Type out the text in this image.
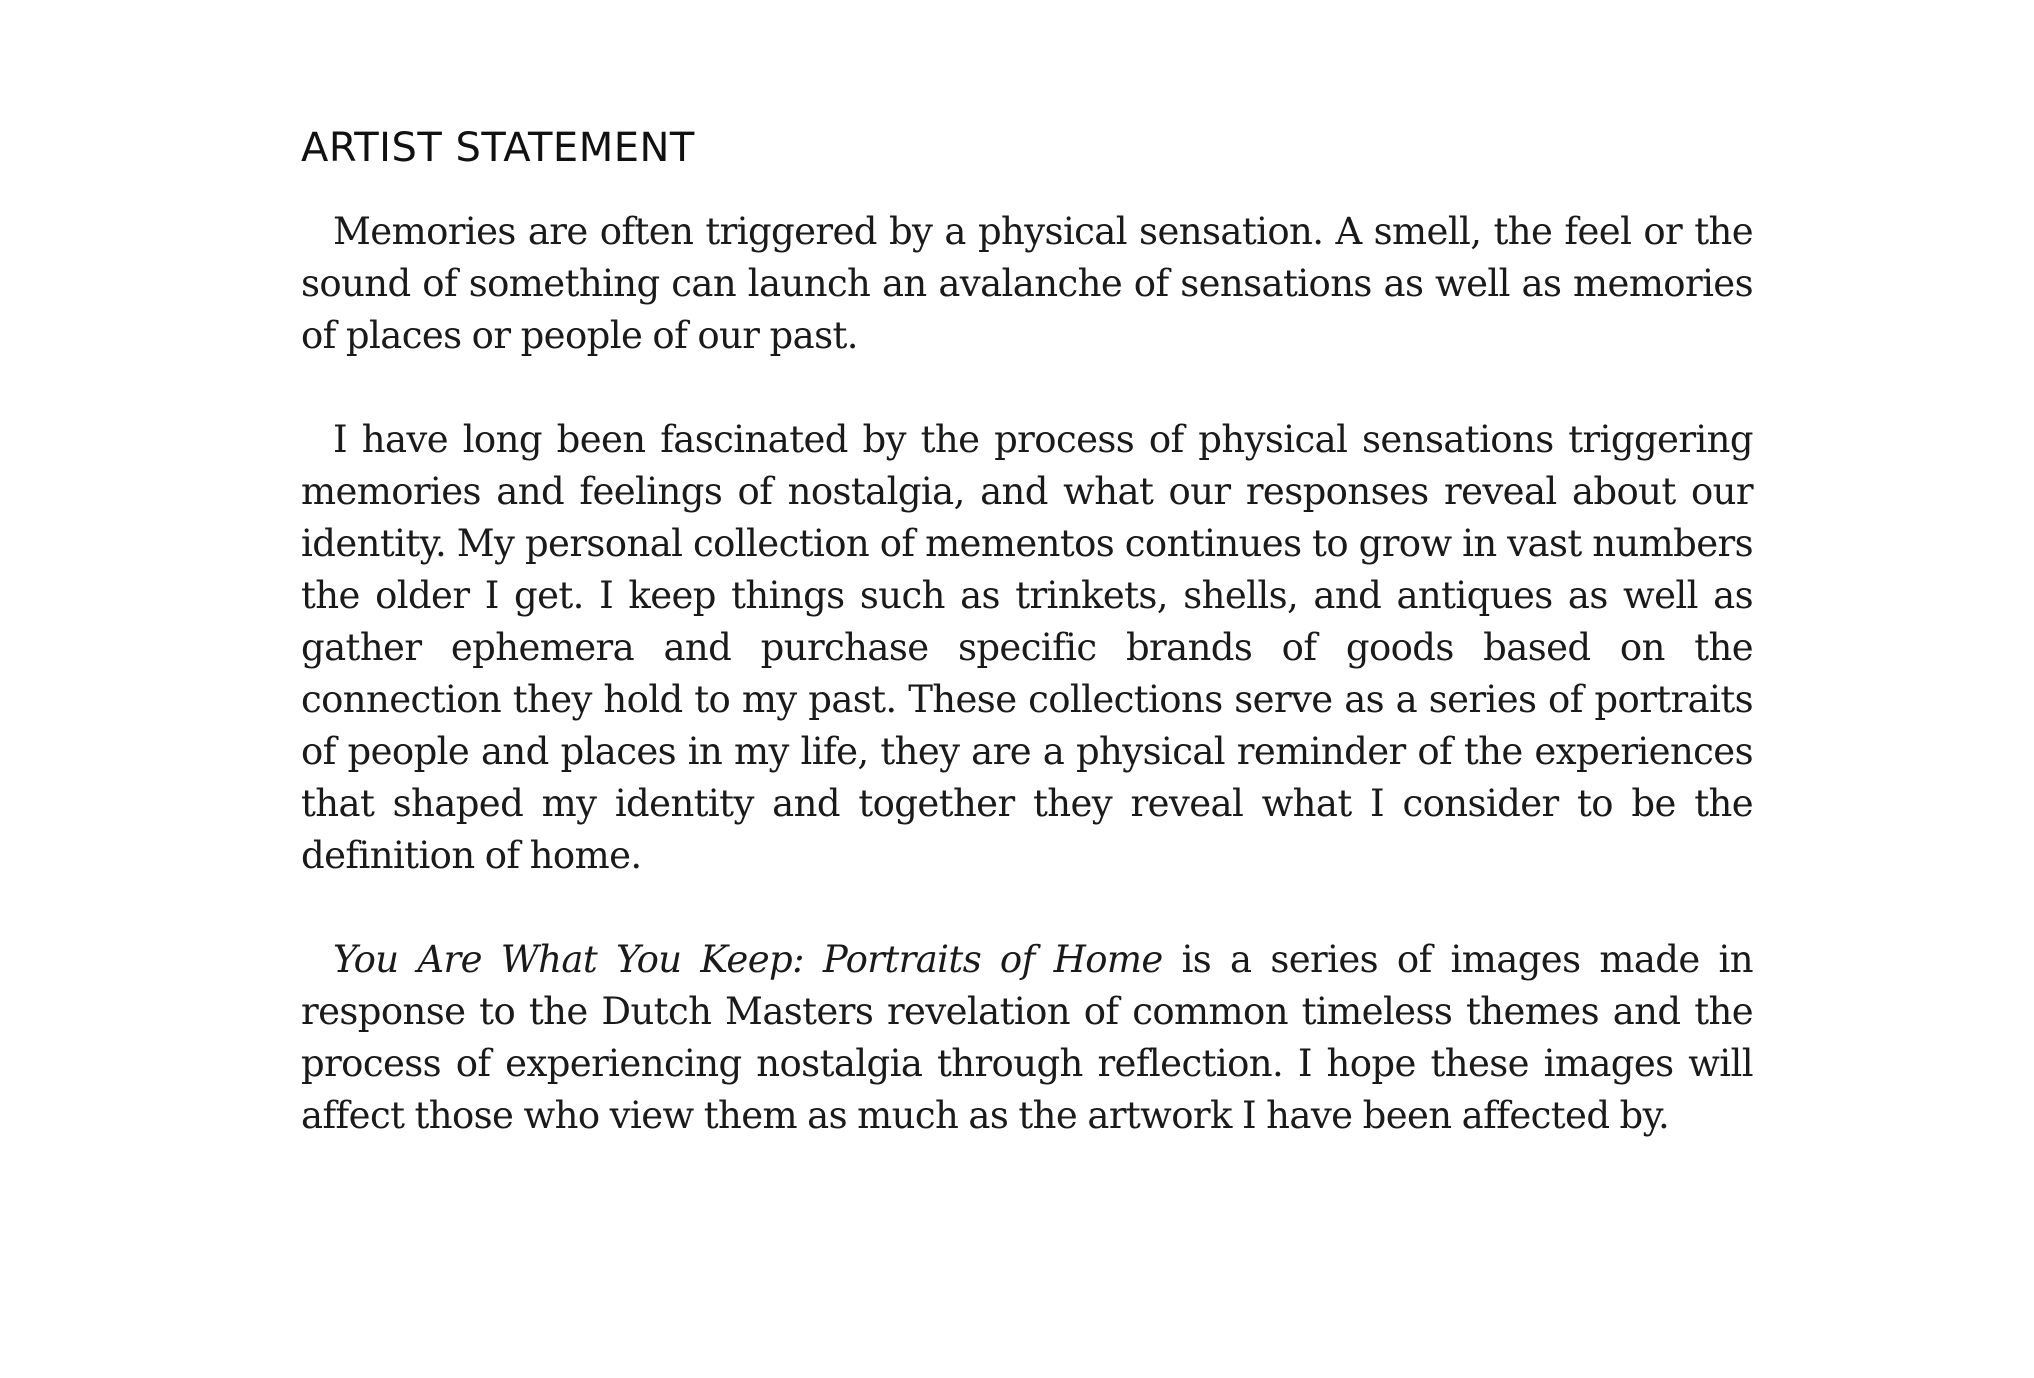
ARTIST STATEMENT

Memories are often triggered by a physical sensation. A smell, the feel or the sound of something can launch an avalanche of sensations as well as memories of places or people of our past.

I have long been fascinated by the process of physical sensations triggering memories and feelings of nostalgia, and what our responses reveal about our identity. My personal collection of mementos continues to grow in vast numbers the older I get. I keep things such as trinkets, shells, and antiques as well as gather ephemera and purchase specific brands of goods based on the connection they hold to my past. These collections serve as a series of portraits of people and places in my life, they are a physical reminder of the experiences that shaped my identity and together they reveal what I consider to be the definition of home.

You Are What You Keep: Portraits of Home is a series of images made in response to the Dutch Masters revelation of common timeless themes and the process of experiencing nostalgia through reflection. I hope these images will affect those who view them as much as the artwork I have been affected by.
